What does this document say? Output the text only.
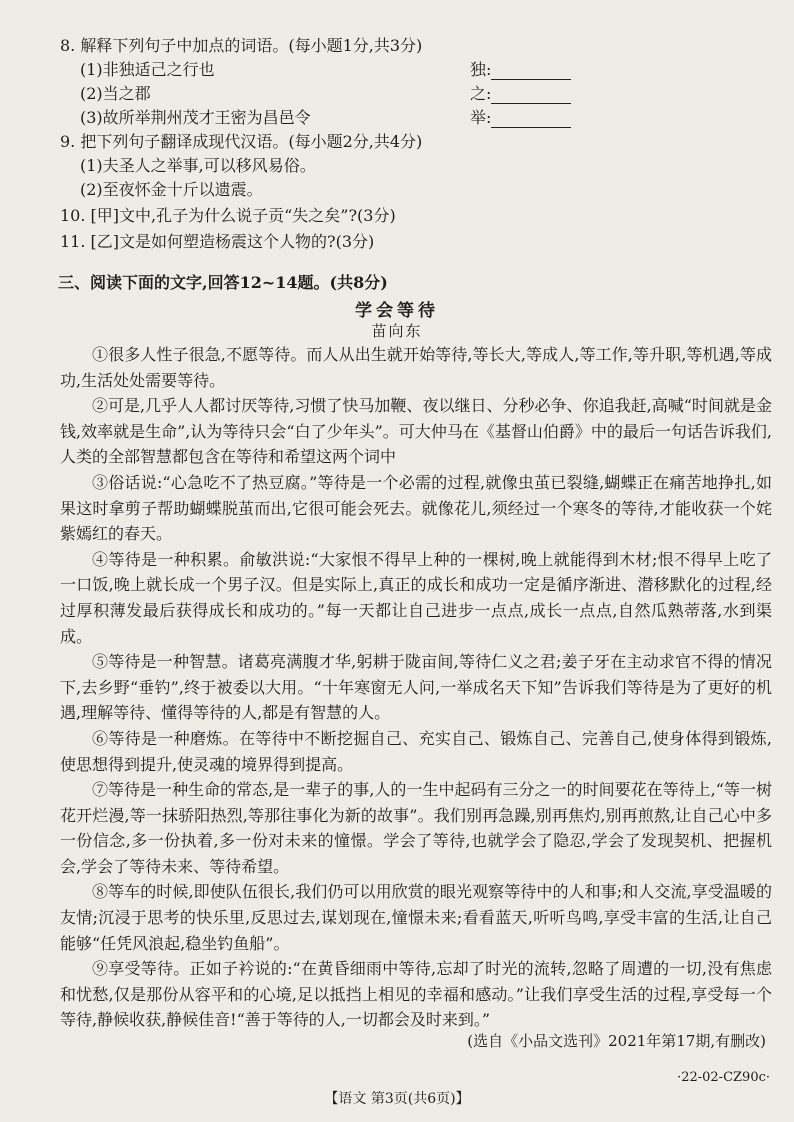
8. 解释下列句子中加点的词语。(每小题1分,共3分)
(1)非独适己之行也	独:
(2)当之郡	之:
(3)故所举荆州茂才王密为昌邑令	举:
9. 把下列句子翻译成现代汉语。(每小题2分,共4分)
(1)夫圣人之举事,可以移风易俗。
(2)至夜怀金十斤以遗震。
10. [甲]文中,孔子为什么说子贡“失之矣”?(3分)
11. [乙]文是如何塑造杨震这个人物的?(3分)
三、阅读下面的文字,回答12~14题。(共8分)
学会等待
苗向东

①很多人性子很急,不愿等待。而人从出生就开始等待,等长大,等成人,等工作,等升职,等机遇,等成功,生活处处需要等待。

②可是,几乎人人都讨厌等待,习惯了快马加鞭、夜以继日、分秒必争、你追我赶,高喊“时间就是金钱,效率就是生命”,认为等待只会“白了少年头”。可大仲马在《基督山伯爵》中的最后一句话告诉我们,人类的全部智慧都包含在等待和希望这两个词中

③俗话说:“心急吃不了热豆腐。”等待是一个必需的过程,就像虫茧已裂缝,蝴蝶正在痛苦地挣扎,如果这时拿剪子帮助蝴蝶脱茧而出,它很可能会死去。就像花儿,须经过一个寒冬的等待,才能收获一个姹紫嫣红的春天。

④等待是一种积累。俞敏洪说:“大家恨不得早上种的一棵树,晚上就能得到木材;恨不得早上吃了一口饭,晚上就长成一个男子汉。但是实际上,真正的成长和成功一定是循序渐进、潜移默化的过程,经过厚积薄发最后获得成长和成功的。”每一天都让自己进步一点点,成长一点点,自然瓜熟蒂落,水到渠成。

⑤等待是一种智慧。诸葛亮满腹才华,躬耕于陇亩间,等待仁义之君;姜子牙在主动求官不得的情况下,去乡野“垂钓”,终于被委以大用。“十年寒窗无人问,一举成名天下知”告诉我们等待是为了更好的机遇,理解等待、懂得等待的人,都是有智慧的人。

⑥等待是一种磨炼。在等待中不断挖掘自己、充实自己、锻炼自己、完善自己,使身体得到锻炼,使思想得到提升,使灵魂的境界得到提高。

⑦等待是一种生命的常态,是一辈子的事,人的一生中起码有三分之一的时间要花在等待上,“等一树花开烂漫,等一抹骄阳热烈,等那往事化为新的故事”。我们别再急躁,别再焦灼,别再煎熬,让自己心中多一份信念,多一份执着,多一份对未来的憧憬。学会了等待,也就学会了隐忍,学会了发现契机、把握机会,学会了等待未来、等待希望。

⑧等车的时候,即使队伍很长,我们仍可以用欣赏的眼光观察等待中的人和事;和人交流,享受温暖的友情;沉浸于思考的快乐里,反思过去,谋划现在,憧憬未来;看看蓝天,听听鸟鸣,享受丰富的生活,让自己能够“任凭风浪起,稳坐钓鱼船”。

⑨享受等待。正如子衿说的:“在黄昏细雨中等待,忘却了时光的流转,忽略了周遭的一切,没有焦虑和忧愁,仅是那份从容平和的心境,足以抵挡上相见的幸福和感动。”让我们享受生活的过程,享受每一个等待,静候收获,静候佳音!“善于等待的人,一切都会及时来到。”

(选自《小品文选刊》2021年第17期,有删改)
·22-02-CZ90c·
【语文 第3页(共6页)】
